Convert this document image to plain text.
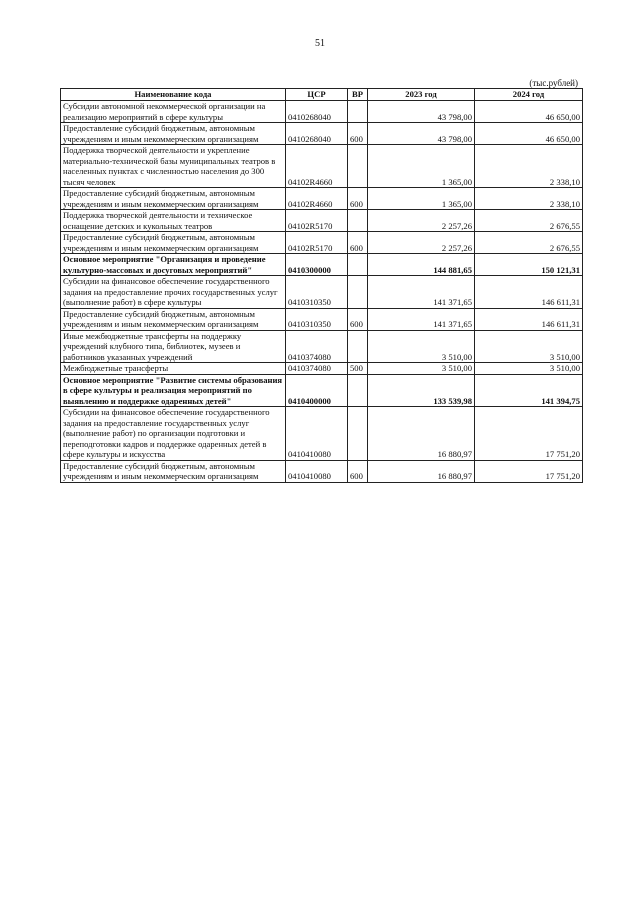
51
(тыс.рублей)
Наименование кода	ЦСР	ВР	2023 год	2024 год
Субсидии автономной некоммерческой организации на реализацию мероприятий в сфере культуры	0410268040		43 798,00	46 650,00
Предоставление субсидий бюджетным, автономным учреждениям и иным некоммерческим организациям	0410268040	600	43 798,00	46 650,00
Поддержка творческой деятельности и укрепление материально-технической базы муниципальных театров в населенных пунктах с численностью населения до 300 тысяч человек	04102R4660		1 365,00	2 338,10
Предоставление субсидий бюджетным, автономным учреждениям и иным некоммерческим организациям	04102R4660	600	1 365,00	2 338,10
Поддержка творческой деятельности и техническое оснащение детских и кукольных театров	04102R5170		2 257,26	2 676,55
Предоставление субсидий бюджетным, автономным учреждениям и иным некоммерческим организациям	04102R5170	600	2 257,26	2 676,55
Основное мероприятие "Организация и проведение культурно-массовых и досуговых мероприятий"	0410300000		144 881,65	150 121,31
Субсидии на финансовое обеспечение государственного задания на предоставление прочих государственных услуг (выполнение работ) в сфере культуры	0410310350		141 371,65	146 611,31
Предоставление субсидий бюджетным, автономным учреждениям и иным некоммерческим организациям	0410310350	600	141 371,65	146 611,31
Иные межбюджетные трансферты на поддержку учреждений клубного типа, библиотек, музеев и работников указанных учреждений	0410374080		3 510,00	3 510,00
Межбюджетные трансферты	0410374080	500	3 510,00	3 510,00
Основное мероприятие "Развитие системы образования в сфере культуры и реализация мероприятий по выявлению и поддержке одаренных детей"	0410400000		133 539,98	141 394,75
Субсидии на финансовое обеспечение государственного задания на предоставление государственных услуг (выполнение работ) по организации подготовки и переподготовки кадров и поддержке одаренных детей в сфере культуры и искусства	0410410080		16 880,97	17 751,20
Предоставление субсидий бюджетным, автономным учреждениям и иным некоммерческим организациям	0410410080	600	16 880,97	17 751,20
